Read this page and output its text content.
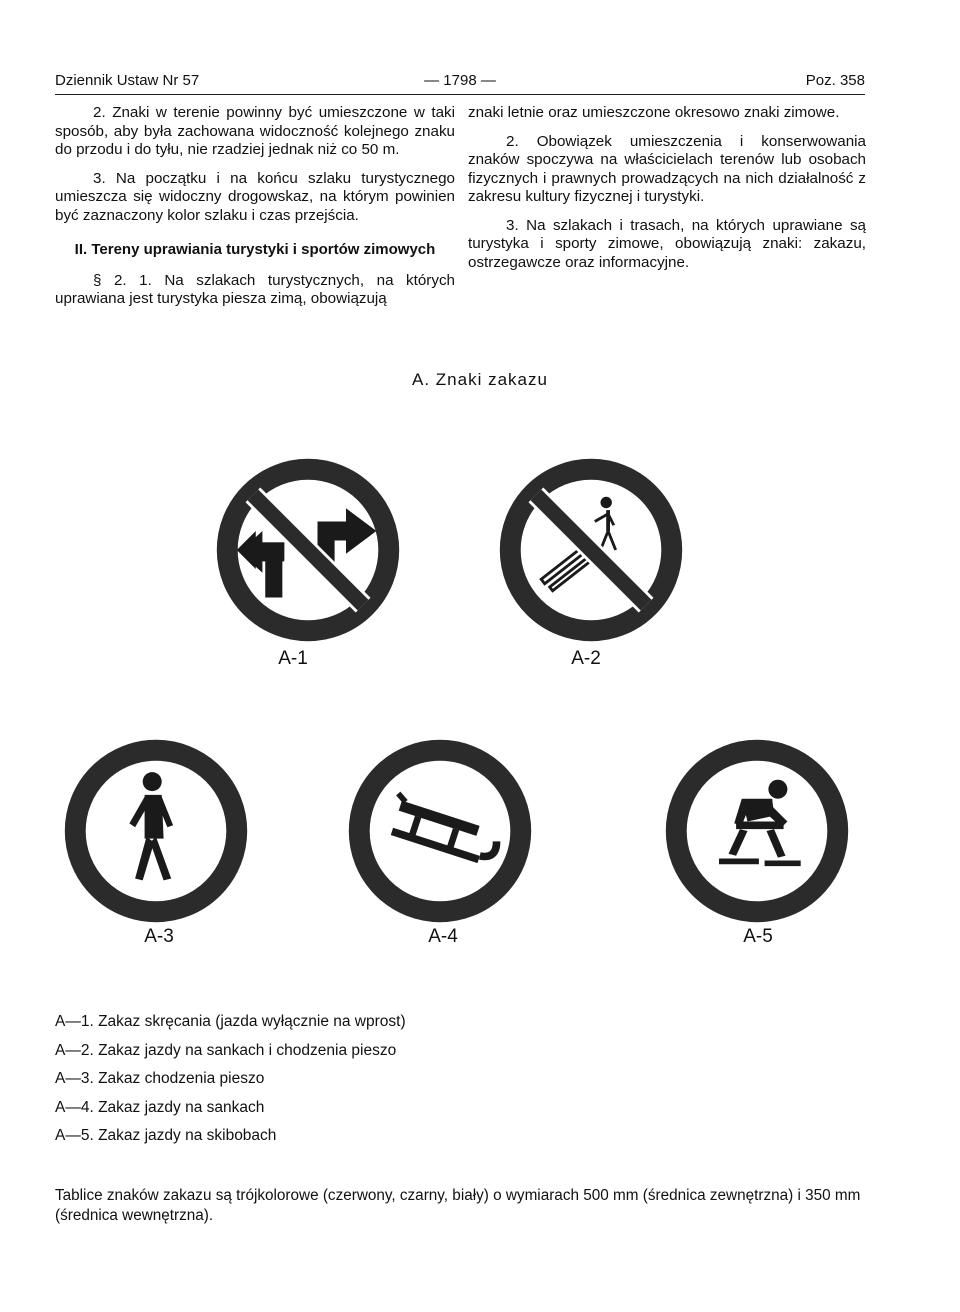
Dziennik Ustaw Nr 57	— 1798 —	Poz. 358

2. Znaki w terenie powinny być umieszczone w taki sposób, aby była zachowana widoczność kolejnego znaku do przodu i do tyłu, nie rzadziej jednak niż co 50 m.

3. Na początku i na końcu szlaku turystycznego umieszcza się widoczny drogowskaz, na którym powinien być zaznaczony kolor szlaku i czas przejścia.

II. Tereny uprawiania turystyki i sportów zimowych

§ 2. 1. Na szlakach turystycznych, na których uprawiana jest turystyka piesza zimą, obowiązują

znaki letnie oraz umieszczone okresowo znaki zimowe.

2. Obowiązek umieszczenia i konserwowania znaków spoczywa na właścicielach terenów lub osobach fizycznych i prawnych prowadzących na nich działalność z zakresu kultury fizycznej i turystyki.

3. Na szlakach i trasach, na których uprawiane są turystyka i sporty zimowe, obowiązują znaki: zakazu, ostrzegawcze oraz informacyjne.

A. Znaki zakazu
A-1	A-2
A-3	A-4	A-5
A—1. Zakaz skręcania (jazda wyłącznie na wprost)
A—2. Zakaz jazdy na sankach i chodzenia pieszo
A—3. Zakaz chodzenia pieszo
A—4. Zakaz jazdy na sankach
A—5. Zakaz jazdy na skibobach
Tablice znaków zakazu są trójkolorowe (czerwony, czarny, biały) o wymiarach 500 mm (średnica zewnętrzna) i 350 mm (średnica wewnętrzna).
